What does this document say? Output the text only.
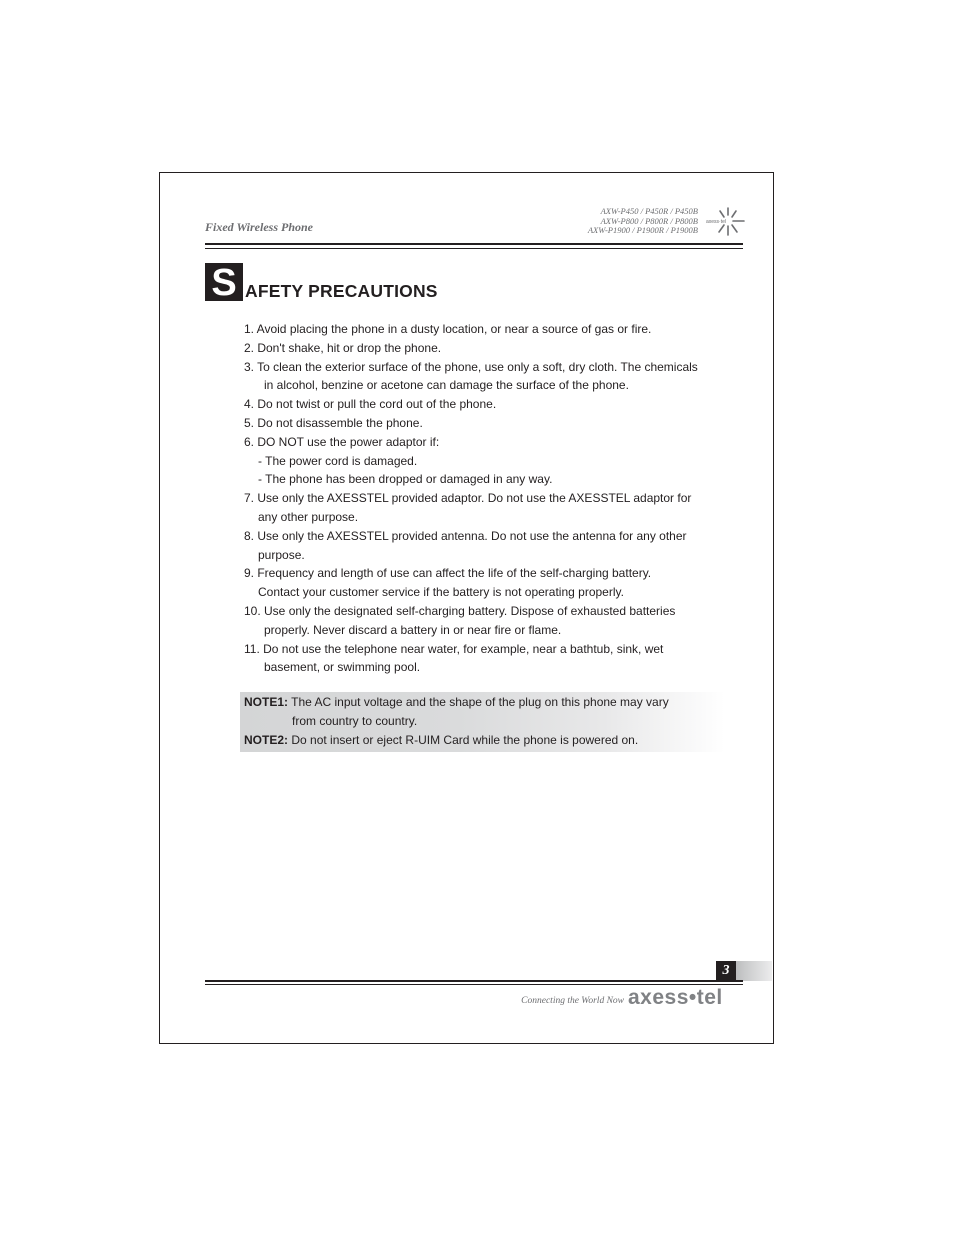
Fixed Wireless Phone
AXW-P450 / P450R / P450B
AXW-P800 / P800R / P800B
AXW-P1900 / P1900R / P1900B
axess·tel
S AFETY PRECAUTIONS
1. Avoid placing the phone in a dusty location, or near a source of gas or fire.
2. Don't shake, hit or drop the phone.
3. To clean the exterior surface of the phone, use only a soft, dry cloth. The chemicals
in alcohol, benzine or acetone can damage the surface of the phone.
4. Do not twist or pull the cord out of the phone.
5. Do not disassemble the phone.
6. DO NOT use the power adaptor if:
- The power cord is damaged.
- The phone has been dropped or damaged in any way.
7. Use only the AXESSTEL provided adaptor. Do not use the AXESSTEL adaptor for
any other purpose.
8. Use only the AXESSTEL provided antenna. Do not use the antenna for any other
purpose.
9. Frequency and length of use can affect the life of the self-charging battery.
Contact your customer service if the battery is not operating properly.
10. Use only the designated self-charging battery. Dispose of exhausted batteries
properly. Never discard a battery in or near fire or flame.
11. Do not use the telephone near water, for example, near a bathtub, sink, wet
basement, or swimming pool.
NOTE1: The AC input voltage and the shape of the plug on this phone may vary
from country to country.
NOTE2: Do not insert or eject R-UIM Card while the phone is powered on.
3
Connecting the World Now axess•tel
